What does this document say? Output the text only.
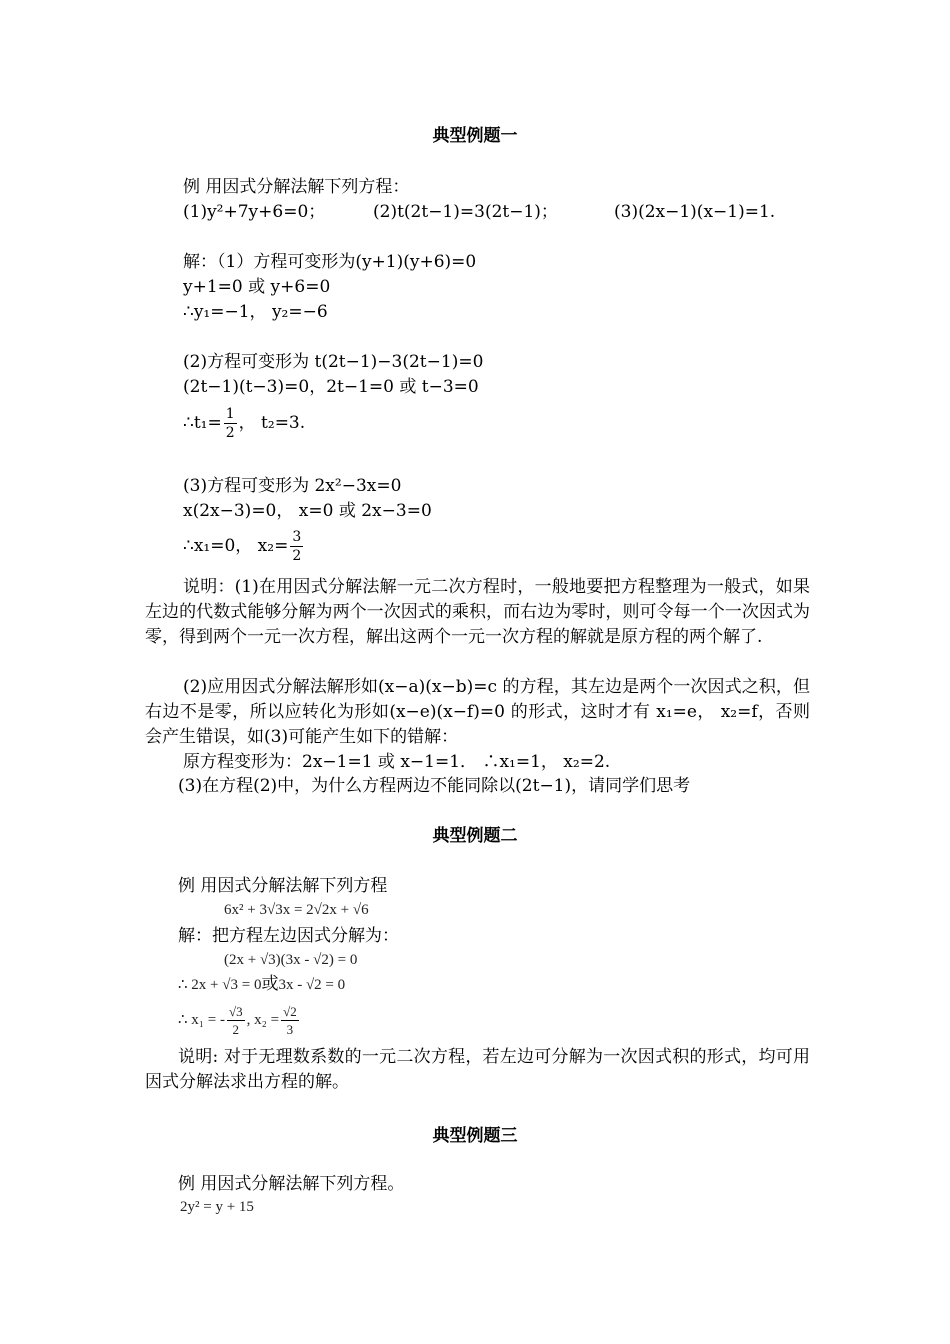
典型例题一
例 用因式分解法解下列方程：
(1)y²+7y+6=0；	(2)t(2t−1)=3(2t−1)；	(3)(2x−1)(x−1)=1.
解：（1）方程可变形为(y+1)(y+6)=0
y+1=0 或 y+6=0
∴y₁=−1， y₂=−6
(2)方程可变形为 t(2t−1)−3(2t−1)=0
(2t−1)(t−3)=0，2t−1=0 或 t−3=0
∴t₁= $\frac{1}{2}$ ， t₂=3.
(3)方程可变形为 2x²−3x=0
x(2x−3)=0， x=0 或 2x−3=0
∴x₁=0， $x_2= \frac{3}{2}$
说明：(1)在用因式分解法解一元二次方程时，一般地要把方程整理为一般式，如果左边的代数式能够分解为两个一次因式的乘积，而右边为零时，则可令每一个一次因式为零，得到两个一元一次方程，解出这两个一元一次方程的解就是原方程的两个解了.
(2)应用因式分解法解形如(x−a)(x−b)=c 的方程，其左边是两个一次因式之积，但右边不是零，所以应转化为形如(x−e)(x−f)=0 的形式，这时才有 x₁=e， x₂=f，否则会产生错误，如(3)可能产生如下的错解：
原方程变形为：2x−1=1 或 x−1=1． ∴x₁=1， x₂=2.
(3)在方程(2)中，为什么方程两边不能同除以(2t−1)，请同学们思考
典型例题二
例 用因式分解法解下列方程
6x² + 3√3x = 2√2x + √6
解：把方程左边因式分解为：
(2x + √3)(3x - √2) = 0
∴ 2x + √3 = 0或3x - √2 = 0
∴ x₁ = - $\frac{√3}{2}$ , $x_2 = \frac{√2}{3}$
说明: 对于无理数系数的一元二次方程，若左边可分解为一次因式积的形式，均可用因式分解法求出方程的解。
典型例题三
例 用因式分解法解下列方程。
2y² = y + 15
